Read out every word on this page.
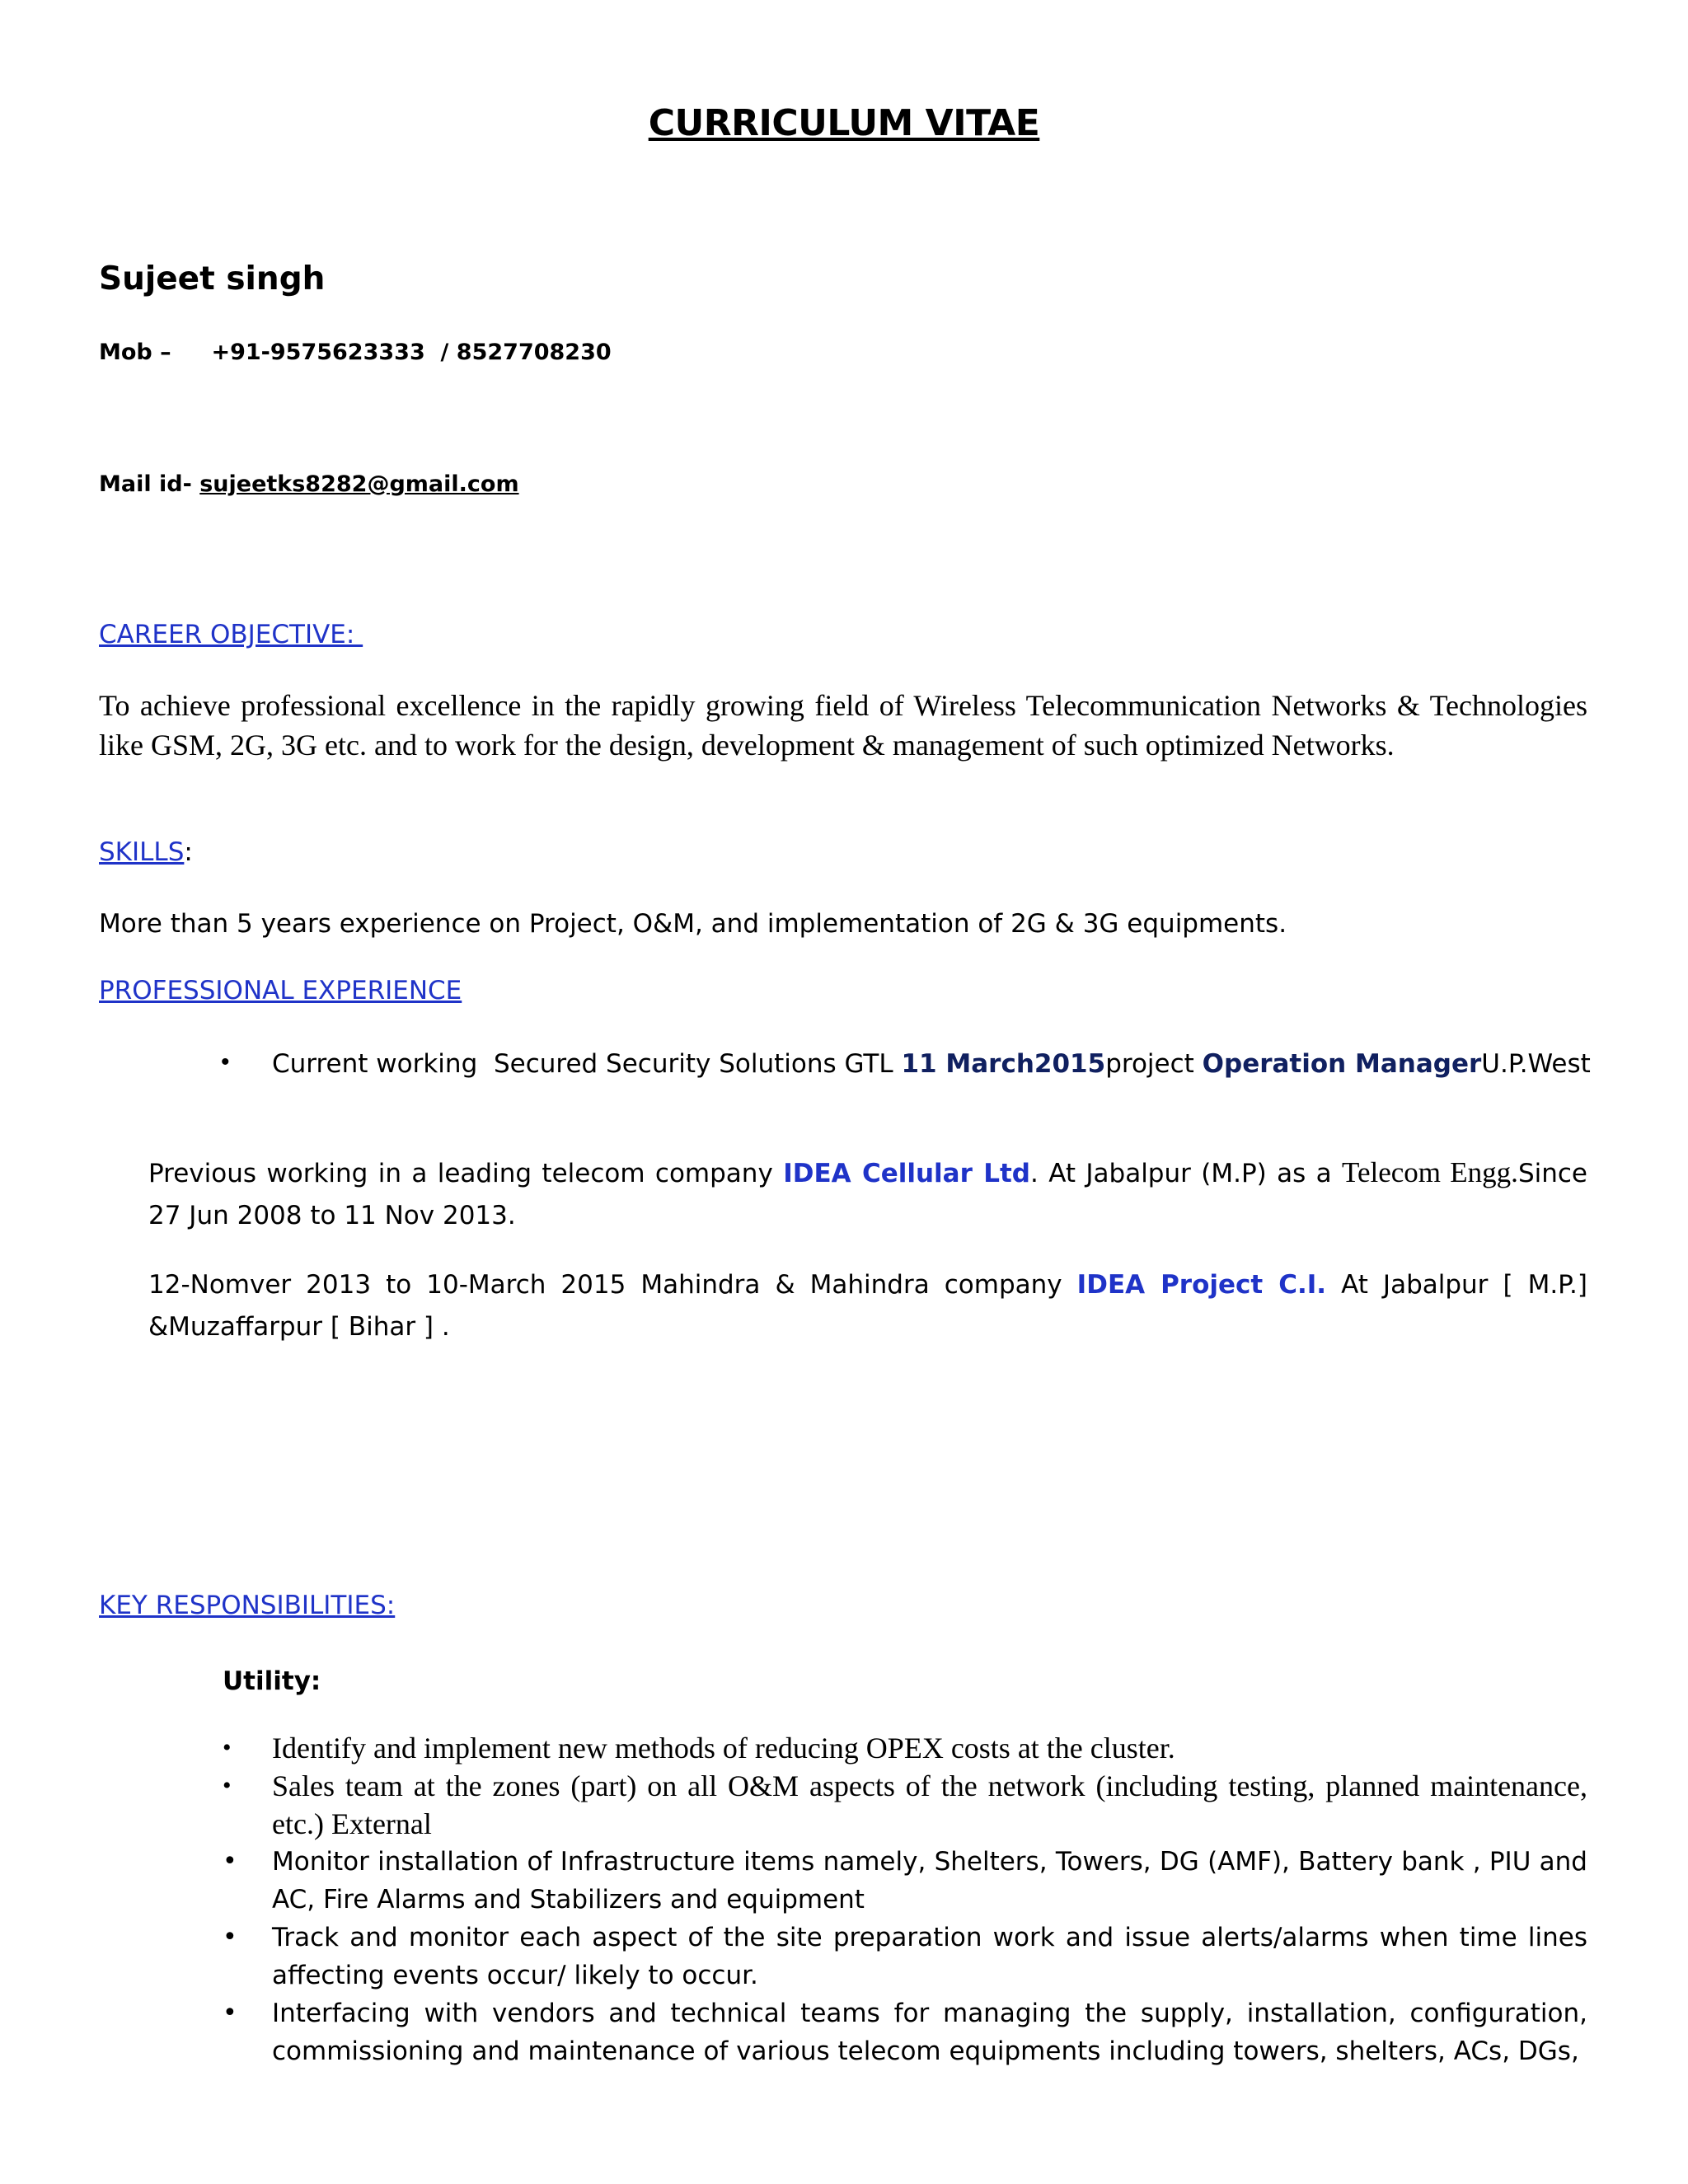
CURRICULUM VITAE
Sujeet singh
Mob – +91-9575623333  / 8527708230
Mail id- sujeetks8282@gmail.com
CAREER OBJECTIVE:
To achieve professional excellence in the rapidly growing field of Wireless Telecommunication Networks & Technologies like GSM, 2G, 3G etc. and to work for the design, development & management of such optimized Networks.
SKILLS:
More than 5 years experience on Project, O&M, and implementation of 2G & 3G equipments.
PROFESSIONAL EXPERIENCE
• Current working  Secured Security Solutions GTL 11 March2015project Operation ManagerU.P.West
Previous working in a leading telecom company IDEA Cellular Ltd. At Jabalpur (M.P) as a Telecom Engg.Since 27 Jun 2008 to 11 Nov 2013.
12-Nomver 2013 to 10-March 2015 Mahindra & Mahindra company IDEA Project C.I. At Jabalpur [ M.P.] &Muzaffarpur [ Bihar ] .
KEY RESPONSIBILITIES:
Utility:
• Identify and implement new methods of reducing OPEX costs at the cluster.
• Sales team at the zones (part) on all O&M aspects of the network (including testing, planned maintenance, etc.) External
• Monitor installation of Infrastructure items namely, Shelters, Towers, DG (AMF), Battery bank , PIU and AC, Fire Alarms and Stabilizers and equipment
• Track and monitor each aspect of the site preparation work and issue alerts/alarms when time lines affecting events occur/ likely to occur.
• Interfacing with vendors and technical teams for managing the supply, installation, configuration, commissioning and maintenance of various telecom equipments including towers, shelters, ACs, DGs,
